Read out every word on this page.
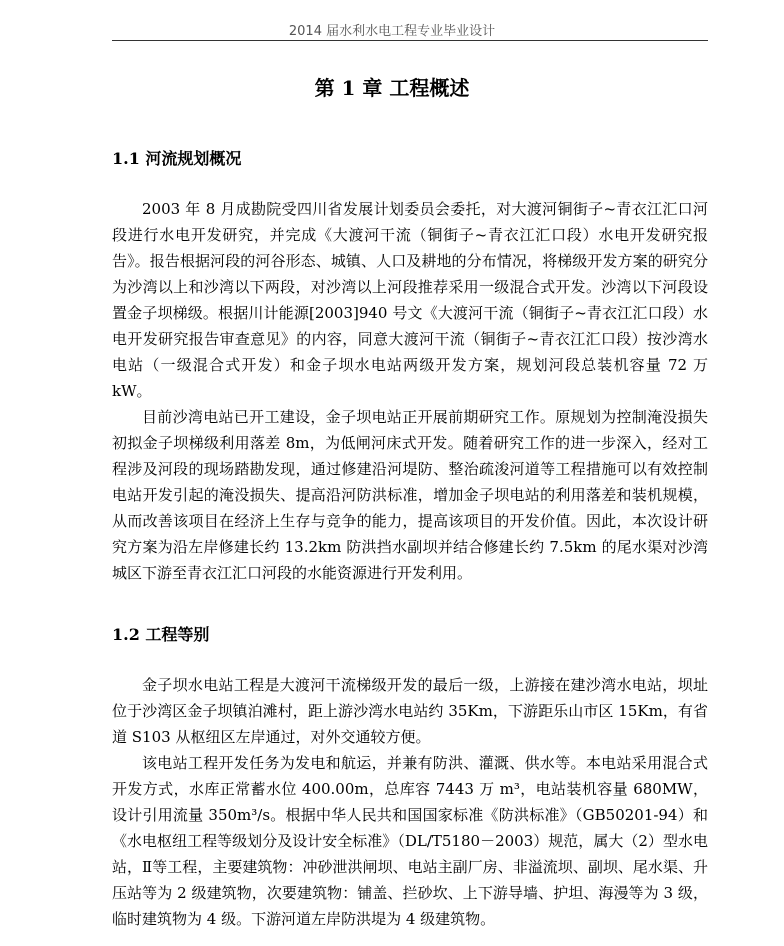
2014 届水利水电工程专业毕业设计
第 1 章 工程概述
1.1 河流规划概况

2003 年 8 月成勘院受四川省发展计划委员会委托，对大渡河铜街子~青衣江汇口河段进行水电开发研究，并完成《大渡河干流（铜街子~青衣江汇口段）水电开发研究报告》。报告根据河段的河谷形态、城镇、人口及耕地的分布情况，将梯级开发方案的研究分为沙湾以上和沙湾以下两段，对沙湾以上河段推荐采用一级混合式开发。沙湾以下河段设置金子坝梯级。根据川计能源[2003]940 号文《大渡河干流（铜街子~青衣江汇口段）水电开发研究报告审查意见》的内容，同意大渡河干流（铜街子~青衣江汇口段）按沙湾水电站（一级混合式开发）和金子坝水电站两级开发方案，规划河段总装机容量 72 万 kW。

目前沙湾电站已开工建设，金子坝电站正开展前期研究工作。原规划为控制淹没损失初拟金子坝梯级利用落差 8m，为低闸河床式开发。随着研究工作的进一步深入，经对工程涉及河段的现场踏勘发现，通过修建沿河堤防、整治疏浚河道等工程措施可以有效控制电站开发引起的淹没损失、提高沿河防洪标准，增加金子坝电站的利用落差和装机规模，从而改善该项目在经济上生存与竞争的能力，提高该项目的开发价值。因此，本次设计研究方案为沿左岸修建长约 13.2km 防洪挡水副坝并结合修建长约 7.5km 的尾水渠对沙湾城区下游至青衣江汇口河段的水能资源进行开发利用。

1.2 工程等别

金子坝水电站工程是大渡河干流梯级开发的最后一级，上游接在建沙湾水电站，坝址位于沙湾区金子坝镇泊滩村，距上游沙湾水电站约 35Km，下游距乐山市区 15Km，有省道 S103 从枢纽区左岸通过，对外交通较方便。

该电站工程开发任务为发电和航运，并兼有防洪、灌溉、供水等。本电站采用混合式开发方式，水库正常蓄水位 400.00m，总库容 7443 万 m³，电站装机容量 680MW，设计引用流量 350m³/s。根据中华人民共和国国家标准《防洪标准》（GB50201-94）和《水电枢纽工程等级划分及设计安全标准》（DL/T5180－2003）规范，属大（2）型水电站，Ⅱ等工程，主要建筑物：冲砂泄洪闸坝、电站主副厂房、非溢流坝、副坝、尾水渠、升压站等为 2 级建筑物，次要建筑物：铺盖、拦砂坎、上下游导墙、护坦、海漫等为 3 级，临时建筑物为 4 级。下游河道左岸防洪堤为 4 级建筑物。
